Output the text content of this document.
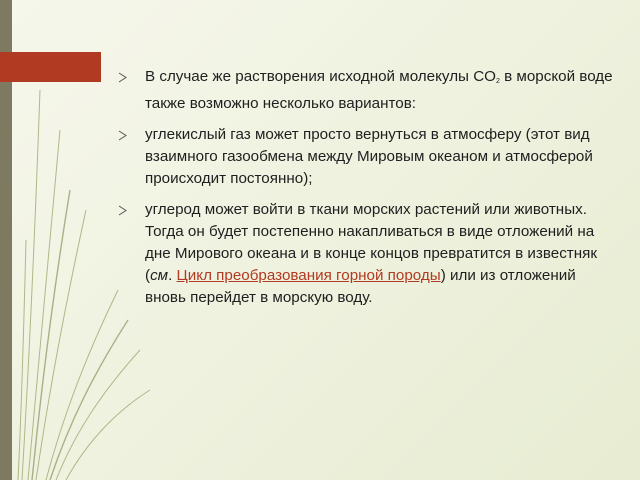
В случае же растворения исходной молекулы $CO_2$ в морской воде также возможно несколько вариантов:
углекислый газ может просто вернуться в атмосферу (этот вид взаимного газообмена между Мировым океаном и атмосферой происходит постоянно);
углерод может войти в ткани морских растений или животных. Тогда он будет постепенно накапливаться в виде отложений на дне Мирового океана и в конце концов превратится в известняк (см. Цикл преобразования горной породы) или из отложений вновь перейдет в морскую воду.
